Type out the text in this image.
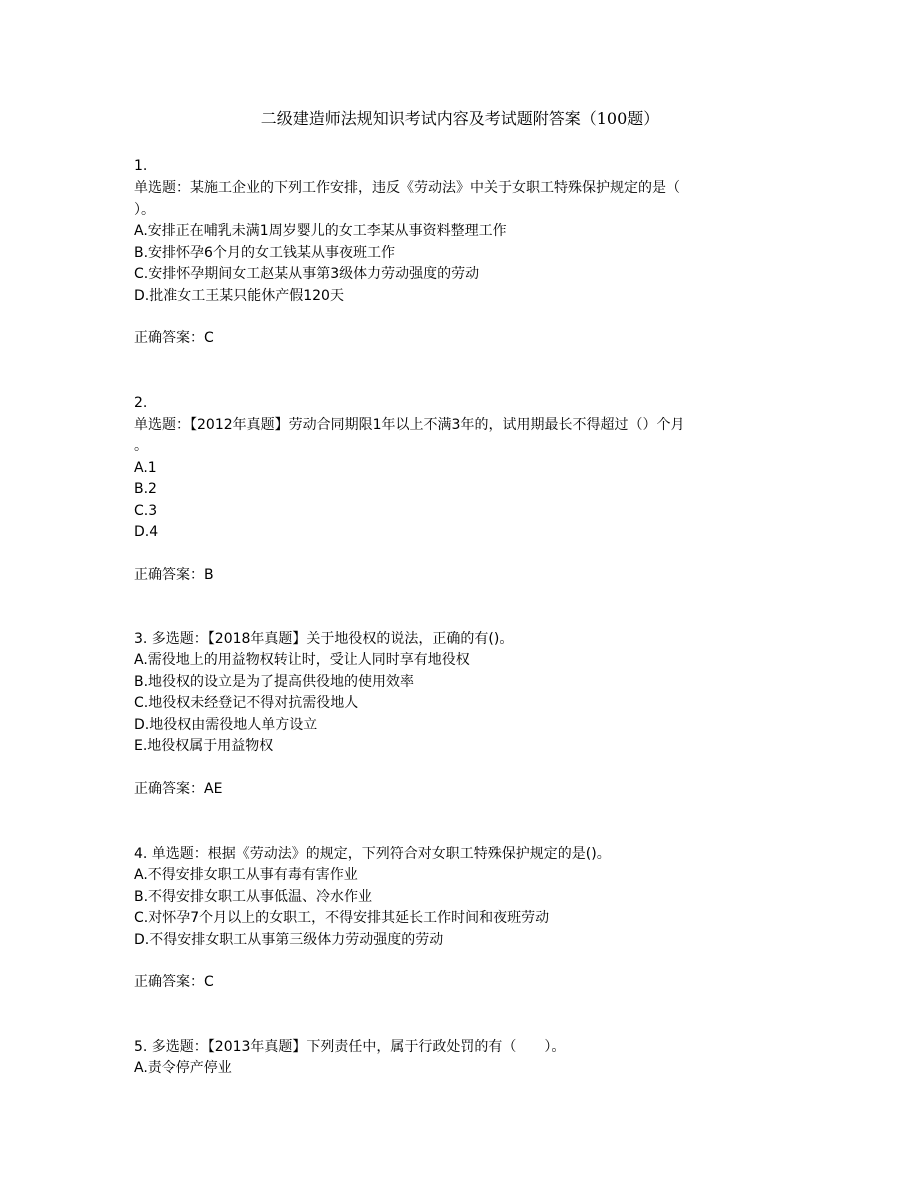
二级建造师法规知识考试内容及考试题附答案（100题）
1.
单选题：某施工企业的下列工作安排，违反《劳动法》中关于女职工特殊保护规定的是（
）。
A.安排正在哺乳未满1周岁婴儿的女工李某从事资料整理工作
B.安排怀孕6个月的女工钱某从事夜班工作
C.安排怀孕期间女工赵某从事第3级体力劳动强度的劳动
D.批准女工王某只能休产假120天
正确答案：C
2.
单选题：【2012年真题】劳动合同期限1年以上不满3年的，试用期最长不得超过（）个月
。
A.1
B.2
C.3
D.4
正确答案：B
3. 多选题：【2018年真题】关于地役权的说法，正确的有()。
A.需役地上的用益物权转让时，受让人同时享有地役权
B.地役权的设立是为了提高供役地的使用效率
C.地役权未经登记不得对抗需役地人
D.地役权由需役地人单方设立
E.地役权属于用益物权
正确答案：AE
4. 单选题：根据《劳动法》的规定，下列符合对女职工特殊保护规定的是()。
A.不得安排女职工从事有毒有害作业
B.不得安排女职工从事低温、冷水作业
C.对怀孕7个月以上的女职工，不得安排其延长工作时间和夜班劳动
D.不得安排女职工从事第三级体力劳动强度的劳动
正确答案：C
5. 多选题：【2013年真题】下列责任中，属于行政处罚的有（　　）。
A.责令停产停业
